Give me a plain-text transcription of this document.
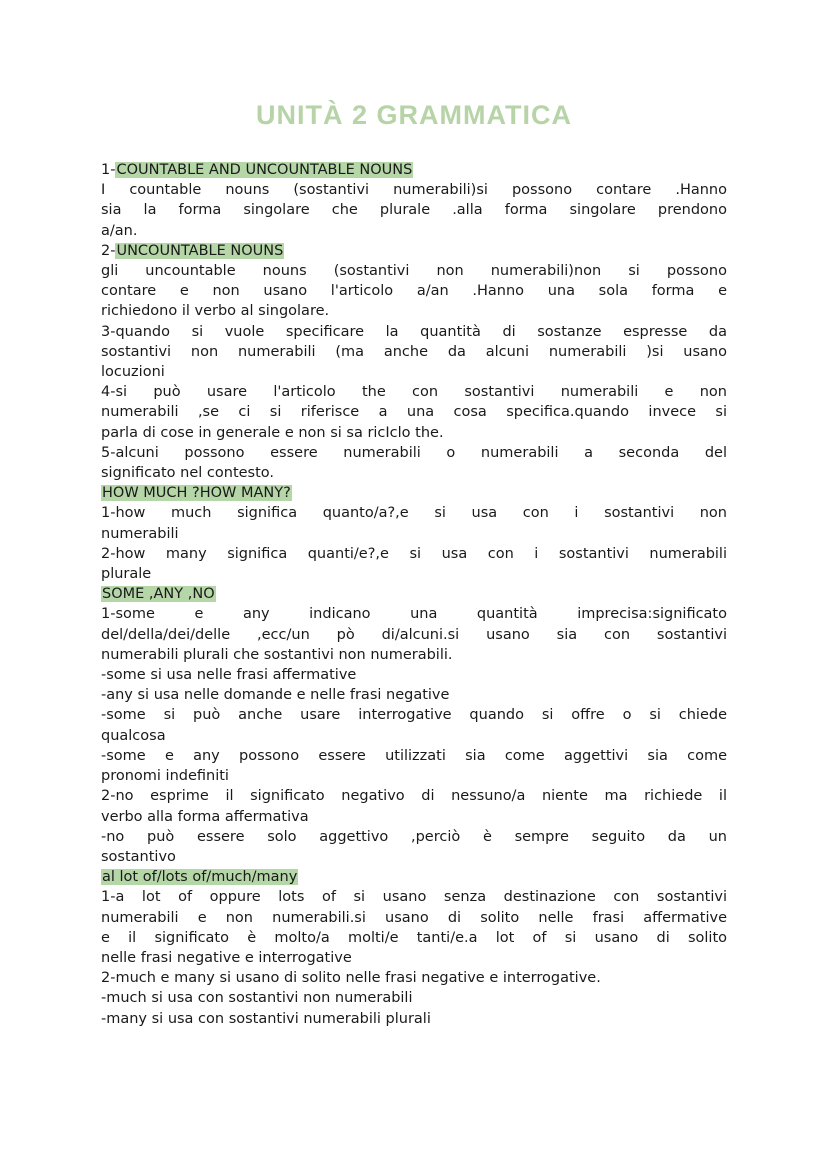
UNITÀ 2 GRAMMATICA

1-COUNTABLE AND UNCOUNTABLE NOUNS

I countable nouns (sostantivi numerabili)si possono contare .Hanno

sia la forma singolare che plurale .alla forma singolare prendono

a/an.

2-UNCOUNTABLE NOUNS

gli uncountable nouns (sostantivi non numerabili)non si possono

contare e non usano l'articolo a/an .Hanno una sola forma e

richiedono il verbo al singolare.

3-quando si vuole specificare la quantità di sostanze espresse da

sostantivi non numerabili (ma anche da alcuni numerabili )si usano

locuzioni

4-si può usare l'articolo the con sostantivi numerabili e non

numerabili ,se ci si riferisce a una cosa specifica.quando invece si

parla di cose in generale e non si sa ricIclo the.

5-alcuni possono essere numerabili o numerabili a seconda del

significato nel contesto.

HOW MUCH ?HOW MANY?

1-how much significa quanto/a?,e si usa con i sostantivi non

numerabili

2-how many significa quanti/e?,e si usa con i sostantivi numerabili

plurale

SOME ,ANY ,NO

1-some e any indicano una quantità imprecisa:significato

del/della/dei/delle ,ecc/un pò di/alcuni.si usano sia con sostantivi

numerabili plurali che sostantivi non numerabili.

-some si usa nelle frasi affermative

-any si usa nelle domande e nelle frasi negative

-some si può anche usare interrogative quando si offre o si chiede

qualcosa

-some e any possono essere utilizzati sia come aggettivi sia come

pronomi indefiniti

2-no esprime il significato negativo di nessuno/a niente ma richiede il

verbo alla forma affermativa

-no può essere solo aggettivo ,perciò è sempre seguito da un

sostantivo

al lot of/lots of/much/many

1-a lot of oppure lots of si usano senza destinazione con sostantivi

numerabili e non numerabili.si usano di solito nelle frasi affermative

e il significato è molto/a molti/e tanti/e.a lot of si usano di solito

nelle frasi negative e interrogative

2-much e many si usano di solito nelle frasi negative e interrogative.

-much si usa con sostantivi non numerabili

-many si usa con sostantivi numerabili plurali
